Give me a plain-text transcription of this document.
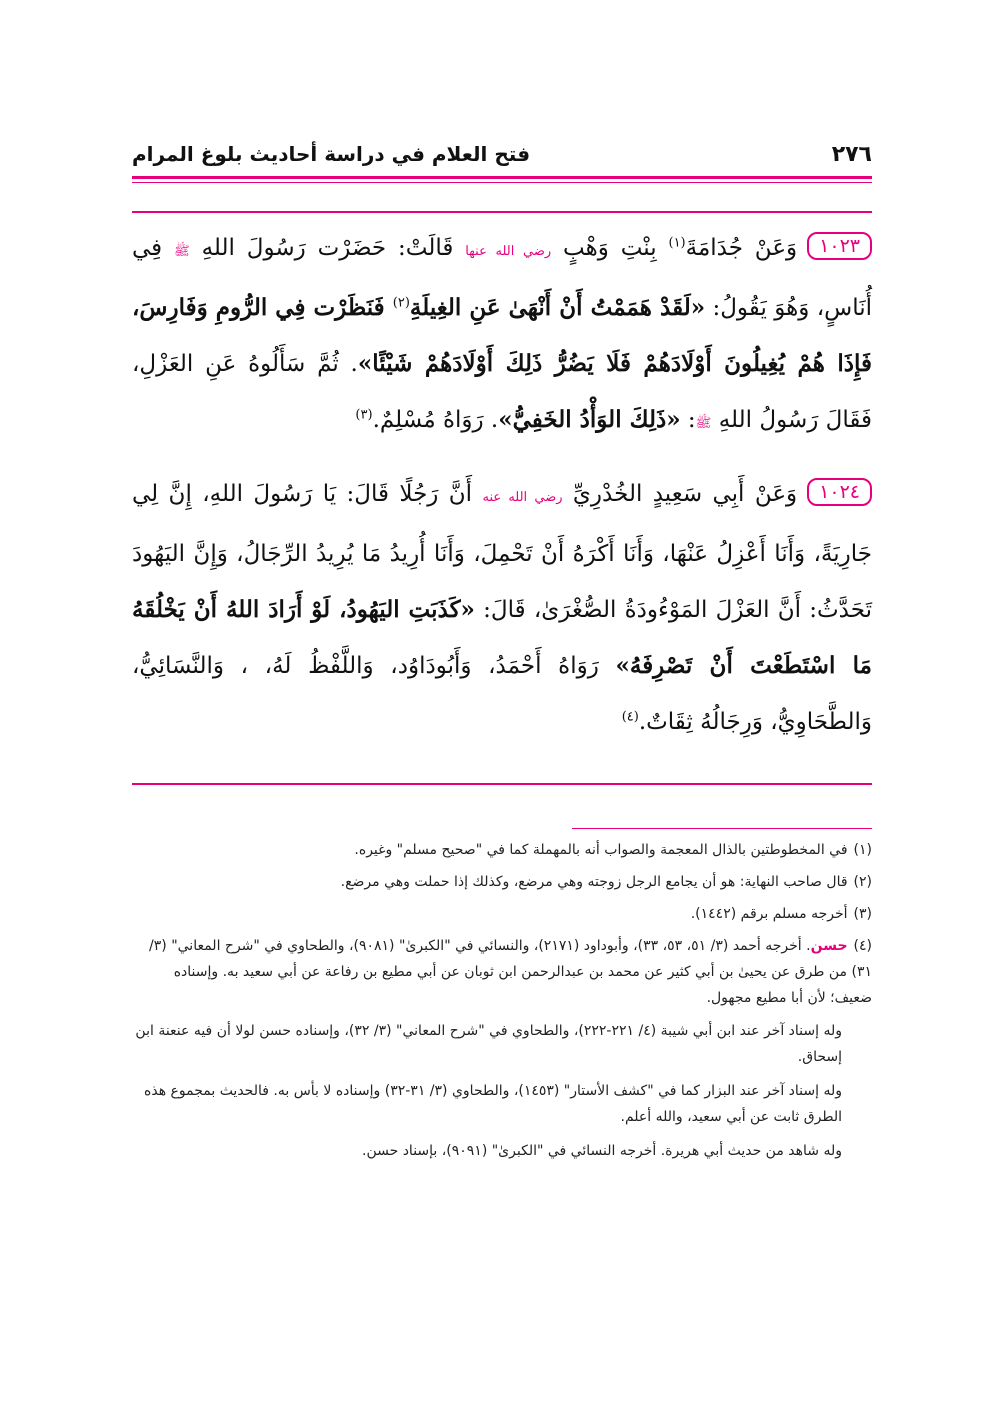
٢٧٦
فتح العلام في دراسة أحاديث بلوغ المرام
١٠٢٣وَعَنْ جُدَامَةَ$^{(١)}$ بِنْتِ وَهْبٍ رضي الله عنها قَالَتْ: حَضَرْت رَسُولَ اللهِ ﷺ فِي أُنَاسٍ، وَهُوَ يَقُولُ: «لَقَدْ هَمَمْتُ أَنْ أَنْهَىٰ عَنِ الغِيلَةِ$^{(٢)}$ فَنَظَرْت فِي الرُّومِ وَفَارِسَ، فَإِذَا هُمْ يُغِيلُونَ أَوْلَادَهُمْ فَلَا يَضُرُّ ذَلِكَ أَوْلَادَهُمْ شَيْئًا». ثُمَّ سَأَلُوهُ عَنِ العَزْلِ، فَقَالَ رَسُولُ اللهِ ﷺ: «ذَلِكَ الوَأْدُ الخَفِيُّ». رَوَاهُ مُسْلِمٌ.$^{(٣)}$
١٠٢٤وَعَنْ أَبِي سَعِيدٍ الخُدْرِيِّ رضي الله عنه أَنَّ رَجُلًا قَالَ: يَا رَسُولَ اللهِ، إِنَّ لِي جَارِيَةً، وَأَنَا أَعْزِلُ عَنْهَا، وَأَنَا أَكْرَهُ أَنْ تَحْمِلَ، وَأَنَا أُرِيدُ مَا يُرِيدُ الرِّجَالُ، وَإِنَّ اليَهُودَ تَحَدَّثُ: أَنَّ العَزْلَ المَوْءُودَةُ الصُّغْرَىٰ، قَالَ: «كَذَبَتِ اليَهُودُ، لَوْ أَرَادَ اللهُ أَنْ يَخْلُقَهُ مَا اسْتَطَعْتَ أَنْ تَصْرِفَهُ» رَوَاهُ أَحْمَدُ، وَأَبُودَاوُد، وَاللَّفْظُ لَهُ، ، وَالنَّسَائِيُّ، وَالطَّحَاوِيُّ، وَرِجَالُهُ ثِقَاتٌ.$^{(٤)}$
(١)في المخطوطتين بالذال المعجمة والصواب أنه بالمهملة كما في "صحيح مسلم" وغيره.
(٢)قال صاحب النهاية: هو أن يجامع الرجل زوجته وهي مرضع، وكذلك إذا حملت وهي مرضع.
(٣)أخرجه مسلم برقم (١٤٤٢).
(٤)حسن. أخرجه أحمد (٣/ ٥١، ٥٣، ٣٣)، وأبوداود (٢١٧١)، والنسائي في "الكبرىٰ" (٩٠٨١)، والطحاوي في "شرح المعاني" (٣/ ٣١) من طرق عن يحيىٰ بن أبي كثير عن محمد بن عبدالرحمن ابن ثوبان عن أبي مطيع بن رفاعة عن أبي سعيد به. وإسناده ضعيف؛ لأن أبا مطيع مجهول.
وله إسناد آخر عند ابن أبي شيبة (٤/ ٢٢١-٢٢٢)، والطحاوي في "شرح المعاني" (٣/ ٣٢)، وإسناده حسن لولا أن فيه عنعنة ابن إسحاق.
وله إسناد آخر عند البزار كما في "كشف الأستار" (١٤٥٣)، والطحاوي (٣/ ٣١-٣٢) وإسناده لا بأس به. فالحديث بمجموع هذه الطرق ثابت عن أبي سعيد، والله أعلم.
وله شاهد من حديث أبي هريرة. أخرجه النسائي في "الكبرىٰ" (٩٠٩١)، بإسناد حسن.
